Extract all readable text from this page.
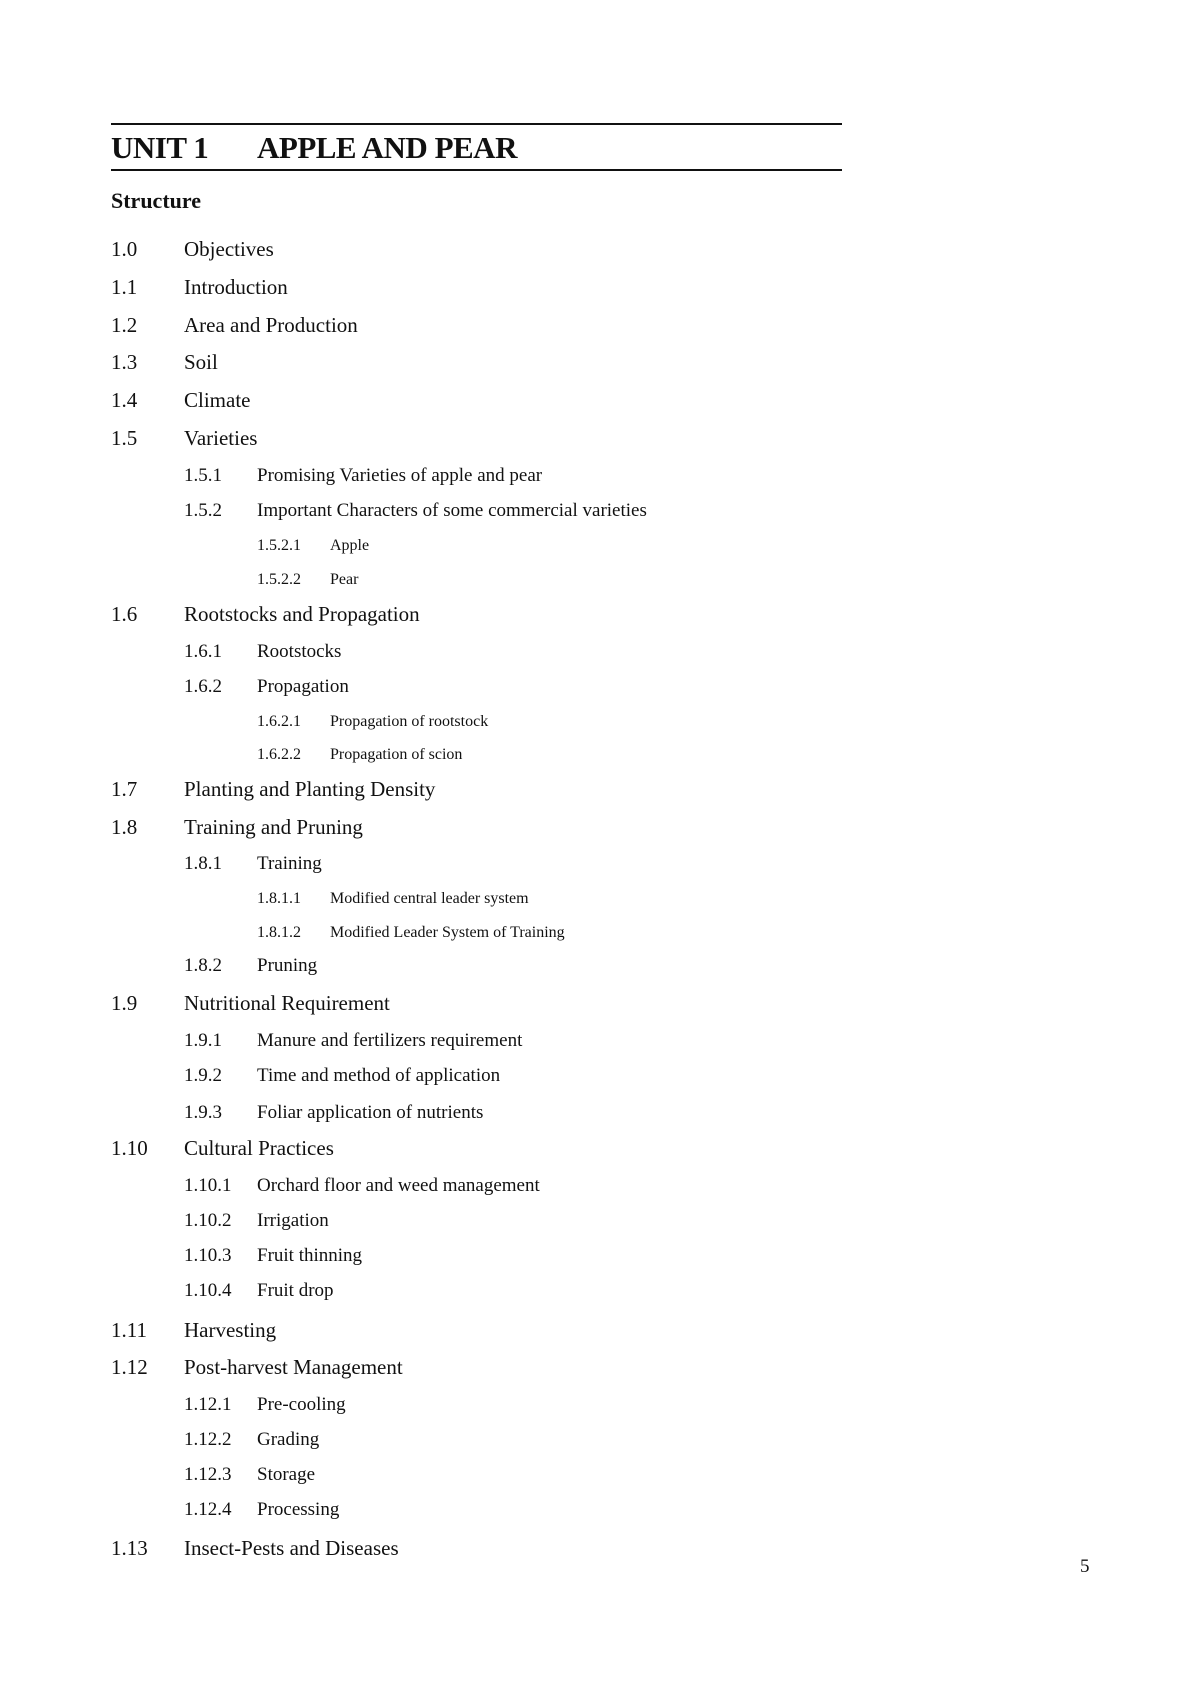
UNIT 1 APPLE AND PEAR
Structure
1.0 Objectives
1.1 Introduction
1.2 Area and Production
1.3 Soil
1.4 Climate
1.5 Varieties
1.5.1 Promising Varieties of apple and pear
1.5.2 Important Characters of some commercial varieties
1.5.2.1 Apple
1.5.2.2 Pear
1.6 Rootstocks and Propagation
1.6.1 Rootstocks
1.6.2 Propagation
1.6.2.1 Propagation of rootstock
1.6.2.2 Propagation of scion
1.7 Planting and Planting Density
1.8 Training and Pruning
1.8.1 Training
1.8.1.1 Modified central leader system
1.8.1.2 Modified Leader System of Training
1.8.2 Pruning
1.9 Nutritional Requirement
1.9.1 Manure and fertilizers requirement
1.9.2 Time and method of application
1.9.3 Foliar application of nutrients
1.10 Cultural Practices
1.10.1 Orchard floor and weed management
1.10.2 Irrigation
1.10.3 Fruit thinning
1.10.4 Fruit drop
1.11 Harvesting
1.12 Post-harvest Management
1.12.1 Pre-cooling
1.12.2 Grading
1.12.3 Storage
1.12.4 Processing
1.13 Insect-Pests and Diseases
5
